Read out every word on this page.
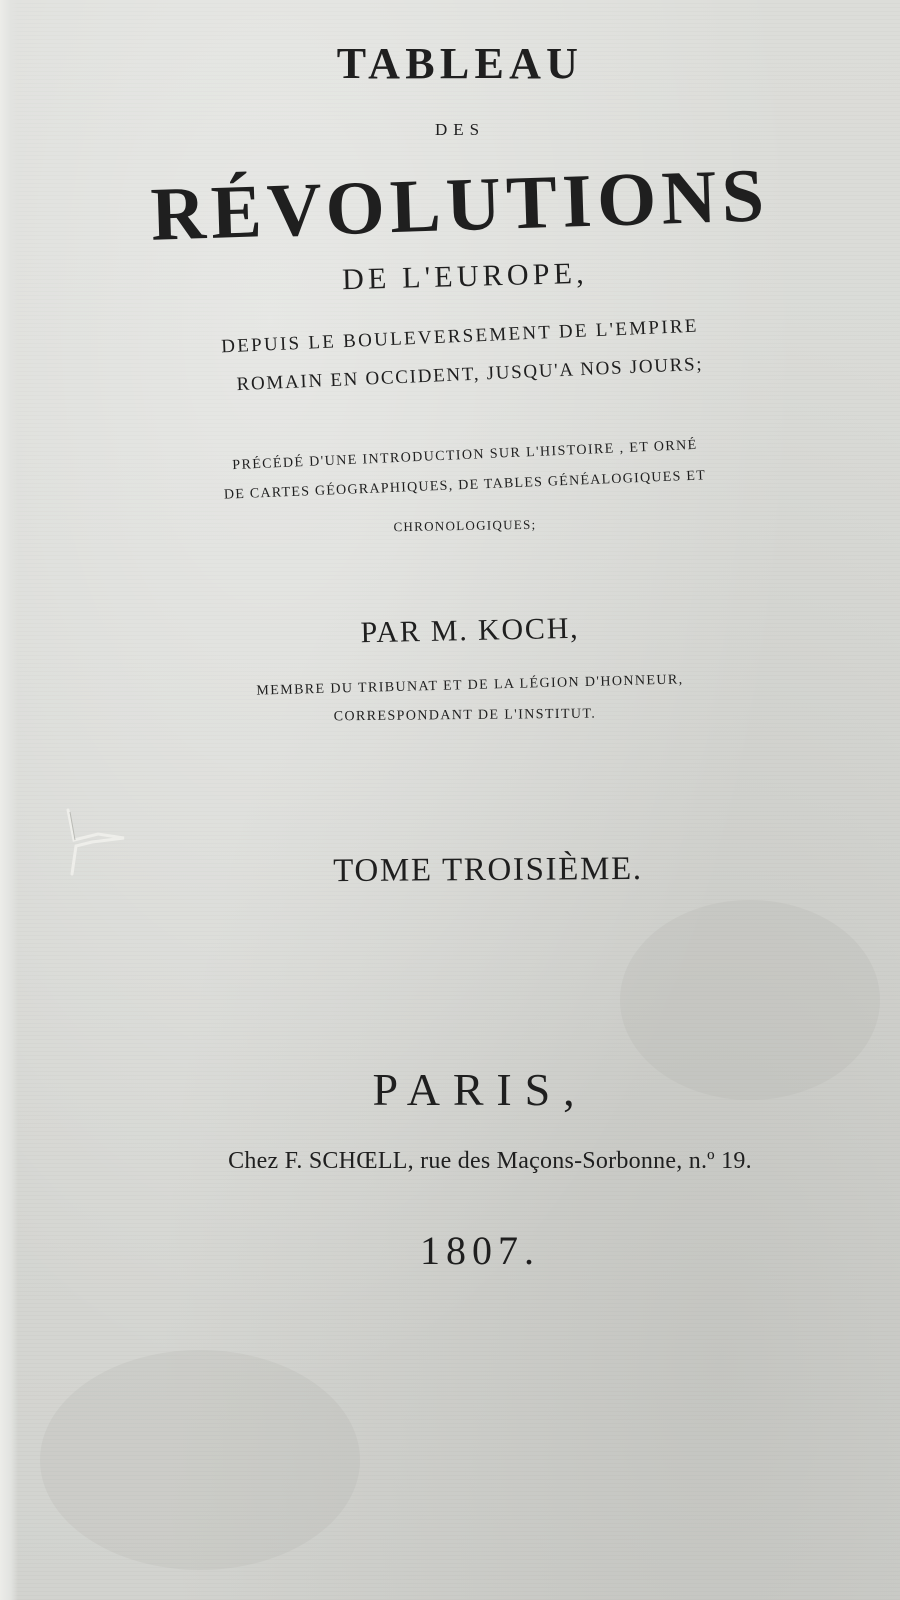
TABLEAU
DES
RÉVOLUTIONS
DE L'EUROPE,
DEPUIS LE BOULEVERSEMENT DE L'EMPIRE
ROMAIN EN OCCIDENT, JUSQU'A NOS JOURS;
PRÉCÉDÉ D'UNE INTRODUCTION SUR L'HISTOIRE , ET ORNÉ
DE CARTES GÉOGRAPHIQUES, DE TABLES GÉNÉALOGIQUES ET
CHRONOLOGIQUES;
PAR M. KOCH,
MEMBRE DU TRIBUNAT ET DE LA LÉGION D'HONNEUR,
CORRESPONDANT DE L'INSTITUT.
TOME TROISIÈME.
PARIS,
Chez F. SCHŒLL, rue des Maçons-Sorbonne, n.º 19.
1807.
